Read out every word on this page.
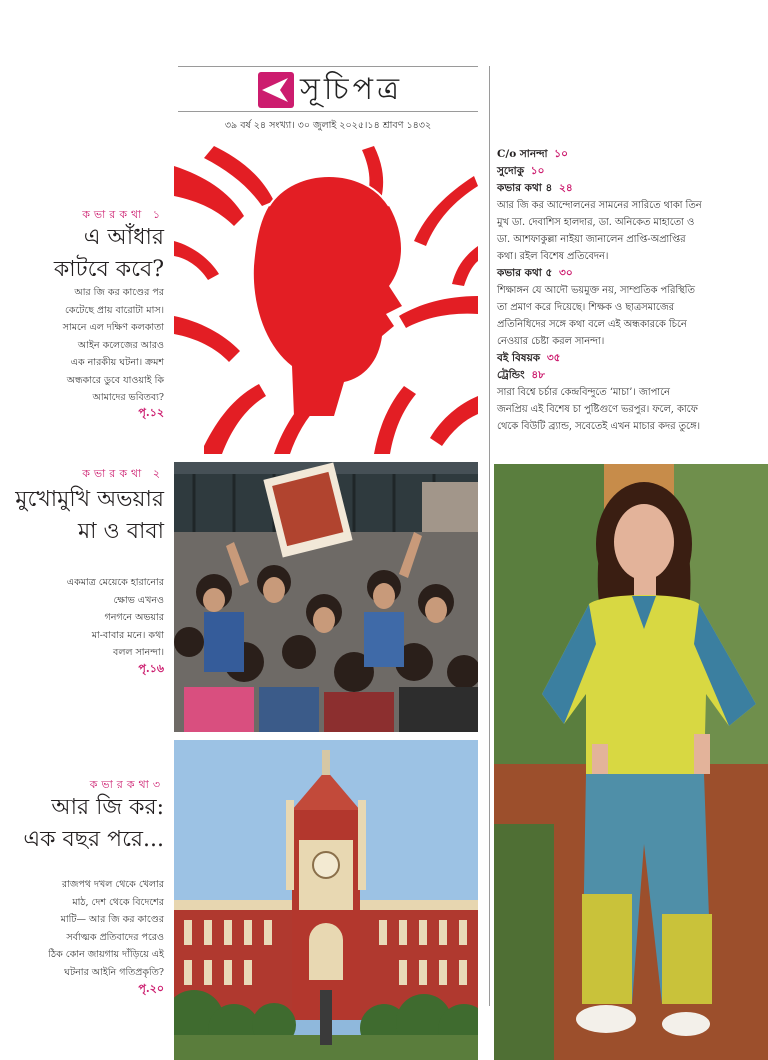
সূচিপত্র
৩৯ বর্ষ ২৪ সংখ্যা। ৩০ জুলাই ২০২৫।১৪ শ্রাবণ ১৪৩২
কভারকথা ১
এ আঁধার
কাটবে কবে?
আর জি কর কাণ্ডের পর
কেটেছে প্রায় বারোটা মাস।
সামনে এল দক্ষিণ কলকাতা
আইন কলেজের আরও
এক নারকীয় ঘটনা। ক্রমশ
অন্ধকারে ডুবে যাওয়াই কি
আমাদের ভবিতব্য?
পৃ.১২
কভারকথা ২
মুখোমুখি অভয়ার
মা ও বাবা
একমাত্র মেয়েকে হারানোর
ক্ষোভ এখনও
গনগনে অভয়ার
মা-বাবার মনে। কথা
বলল সানন্দা।
পৃ.১৬
কভারকথা৩
আর জি কর:
এক বছর পরে...
রাজপথ দখল থেকে খেলার
মাঠ, দেশ থেকে বিদেশের
মাটি— আর জি কর কাণ্ডের
সর্বাত্মক প্রতিবাদের পরেও
ঠিক কোন জায়গায় দাঁড়িয়ে এই
ঘটনার আইনি গতিপ্রকৃতি?
পৃ.২০
C/o সানন্দা ১০
সুদোকু ১০
কভার কথা ৪ ২৪
আর জি কর আন্দোলনের সামনের সারিতে থাকা তিন
মুখ ডা. দেবাশিস হালদার, ডা. অনিকেত মাহাতো ও
ডা. আশফাকুল্লা নাইয়া জানালেন প্রাপ্তি-অপ্রাপ্তির
কথা। রইল বিশেষ প্রতিবেদন।
কভার কথা ৫ ৩০
শিক্ষাঙ্গন যে আদৌ ভয়মুক্ত নয়, সাম্প্রতিক পরিস্থিতি
তা প্রমাণ করে দিয়েছে। শিক্ষক ও ছাত্রসমাজের
প্রতিনিধিদের সঙ্গে কথা বলে এই অন্ধকারকে চিনে
নেওয়ার চেষ্টা করল সানন্দা।
বই বিষয়ক ৩৫
ট্রেন্ডিং ৪৮
সারা বিশ্বে চর্চার কেন্দ্রবিন্দুতে ‘মাচা’। জাপানে
জনপ্রিয় এই বিশেষ চা পুষ্টিগুণে ভরপুর। ফলে, কাফে
থেকে বিউটি ব্র্যান্ড, সবেতেই এখন মাচার কদর তুঙ্গে।
